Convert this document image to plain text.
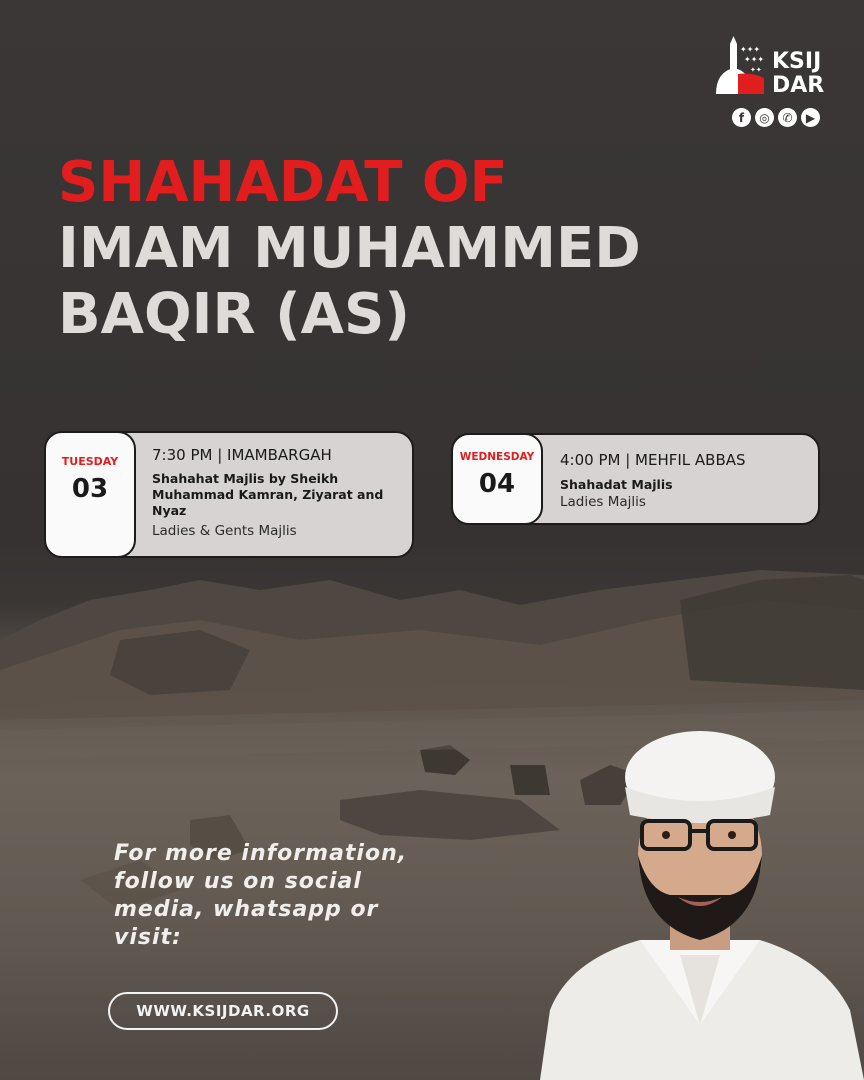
✦✦✦
✦✦✦
✦✦ KSIJ
DAR
f	◎	✆	▶
SHAHADAT OF
IMAM MUHAMMED
BAQIR (AS)
TUESDAY
03
7:30 PM | IMAMBARGAH
Shahahat Majlis by Sheikh Muhammad Kamran, Ziyarat and Nyaz
Ladies & Gents Majlis
WEDNESDAY
04
4:00 PM | MEHFIL ABBAS
Shahadat Majlis
Ladies Majlis
For more information, follow us on social media, whatsapp or visit:
WWW.KSIJDAR.ORG
